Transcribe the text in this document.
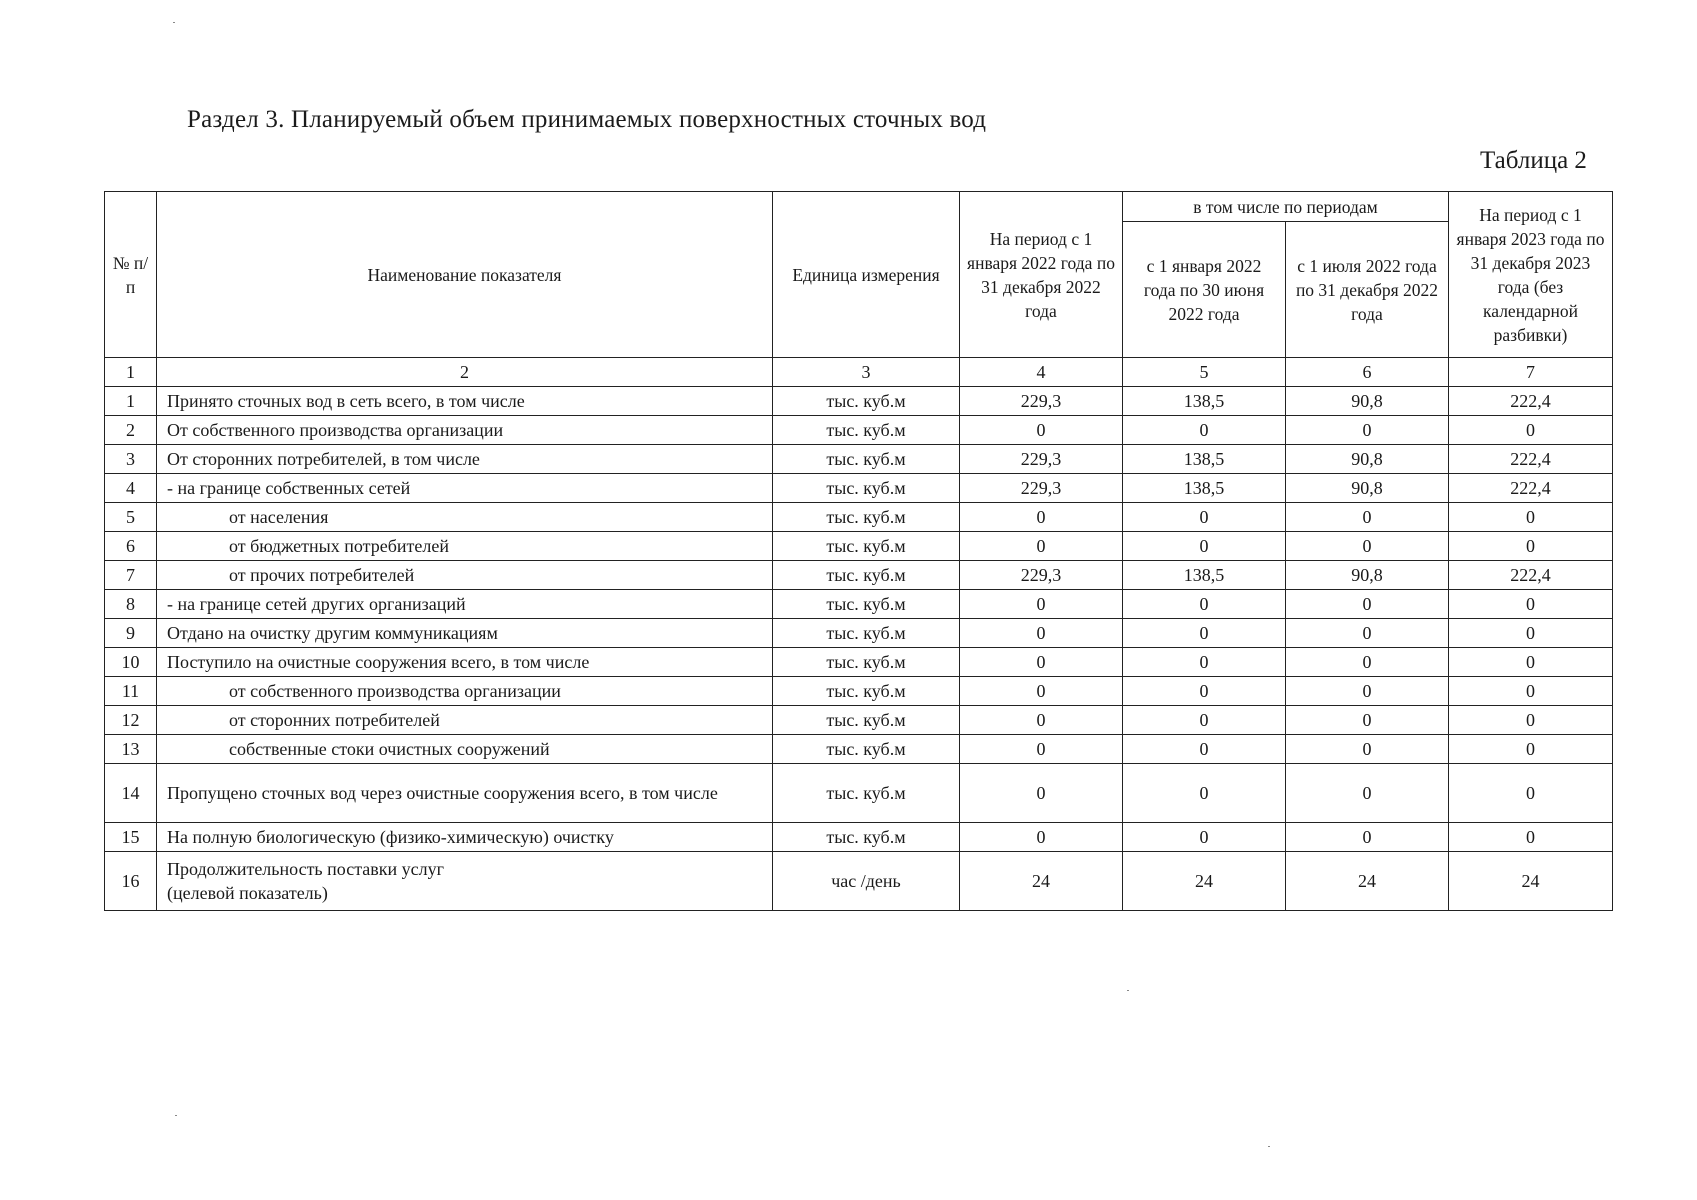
Раздел 3. Планируемый объем принимаемых поверхностных сточных вод
Таблица 2
№ п/п	Наименование показателя	Единица измерения	На период с 1 января 2022 года по 31 декабря 2022 года	в том числе по периодам		На период с 1 января 2023 года по 31 декабря 2023 года (без календарной разбивки)
				с 1 января 2022 года по 30 июня 2022 года	с 1 июля 2022 года по 31 декабря 2022 года	
1	2	3	4	5	6	7
1	Принято сточных вод в сеть всего, в том числе	тыс. куб.м	229,3	138,5	90,8	222,4
2	От собственного производства организации	тыс. куб.м	0	0	0	0
3	От сторонних потребителей, в том числе	тыс. куб.м	229,3	138,5	90,8	222,4
4	- на границе собственных сетей	тыс. куб.м	229,3	138,5	90,8	222,4
5	от населения	тыс. куб.м	0	0	0	0
6	от бюджетных потребителей	тыс. куб.м	0	0	0	0
7	от прочих потребителей	тыс. куб.м	229,3	138,5	90,8	222,4
8	- на границе сетей других организаций	тыс. куб.м	0	0	0	0
9	Отдано на очистку другим коммуникациям	тыс. куб.м	0	0	0	0
10	Поступило на очистные сооружения всего, в том числе	тыс. куб.м	0	0	0	0
11	от собственного производства организации	тыс. куб.м	0	0	0	0
12	от сторонних потребителей	тыс. куб.м	0	0	0	0
13	собственные стоки очистных сооружений	тыс. куб.м	0	0	0	0
14	Пропущено сточных вод через очистные сооружения всего, в том числе	тыс. куб.м	0	0	0	0
15	На полную биологическую (физико-химическую) очистку	тыс. куб.м	0	0	0	0
16	Продолжительность поставки услуг
(целевой показатель)	час /день	24	24	24	24
